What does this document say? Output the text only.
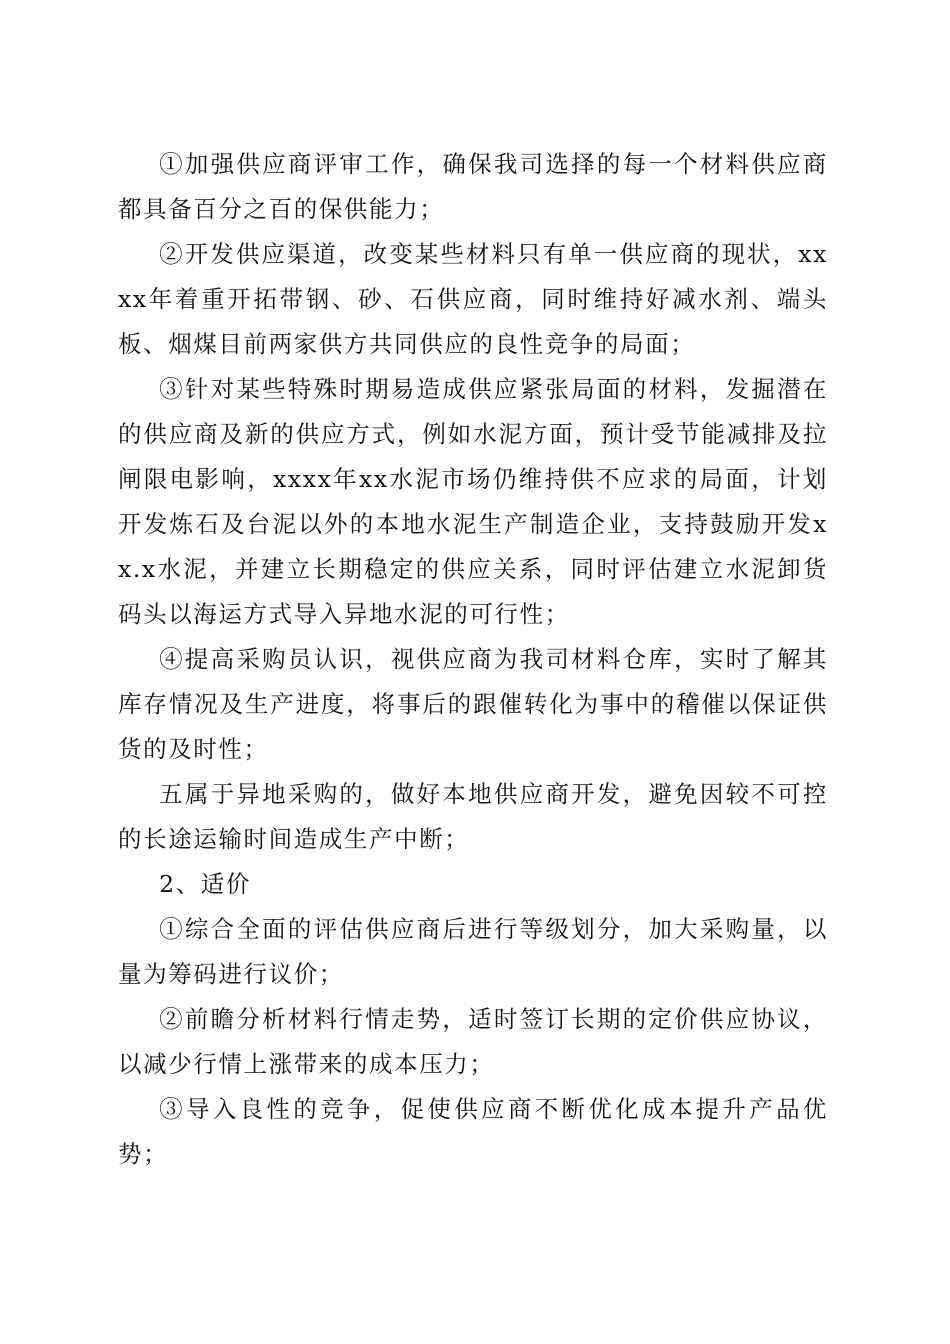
①加强供应商评审工作，确保我司选择的每一个材料供应商都具备百分之百的保供能力；

②开发供应渠道，改变某些材料只有单一供应商的现状，xxxx年着重开拓带钢、砂、石供应商，同时维持好减水剂、端头板、烟煤目前两家供方共同供应的良性竞争的局面；

③针对某些特殊时期易造成供应紧张局面的材料，发掘潜在的供应商及新的供应方式，例如水泥方面，预计受节能减排及拉闸限电影响，xxxx年xx水泥市场仍维持供不应求的局面，计划开发炼石及台泥以外的本地水泥生产制造企业，支持鼓励开发xx.x水泥，并建立长期稳定的供应关系，同时评估建立水泥卸货码头以海运方式导入异地水泥的可行性；

④提高采购员认识，视供应商为我司材料仓库，实时了解其库存情况及生产进度，将事后的跟催转化为事中的稽催以保证供货的及时性；

五属于异地采购的，做好本地供应商开发，避免因较不可控的长途运输时间造成生产中断；

2、适价

①综合全面的评估供应商后进行等级划分，加大采购量，以量为筹码进行议价；

②前瞻分析材料行情走势，适时签订长期的定价供应协议，以减少行情上涨带来的成本压力；

③导入良性的竞争，促使供应商不断优化成本提升产品优势；
